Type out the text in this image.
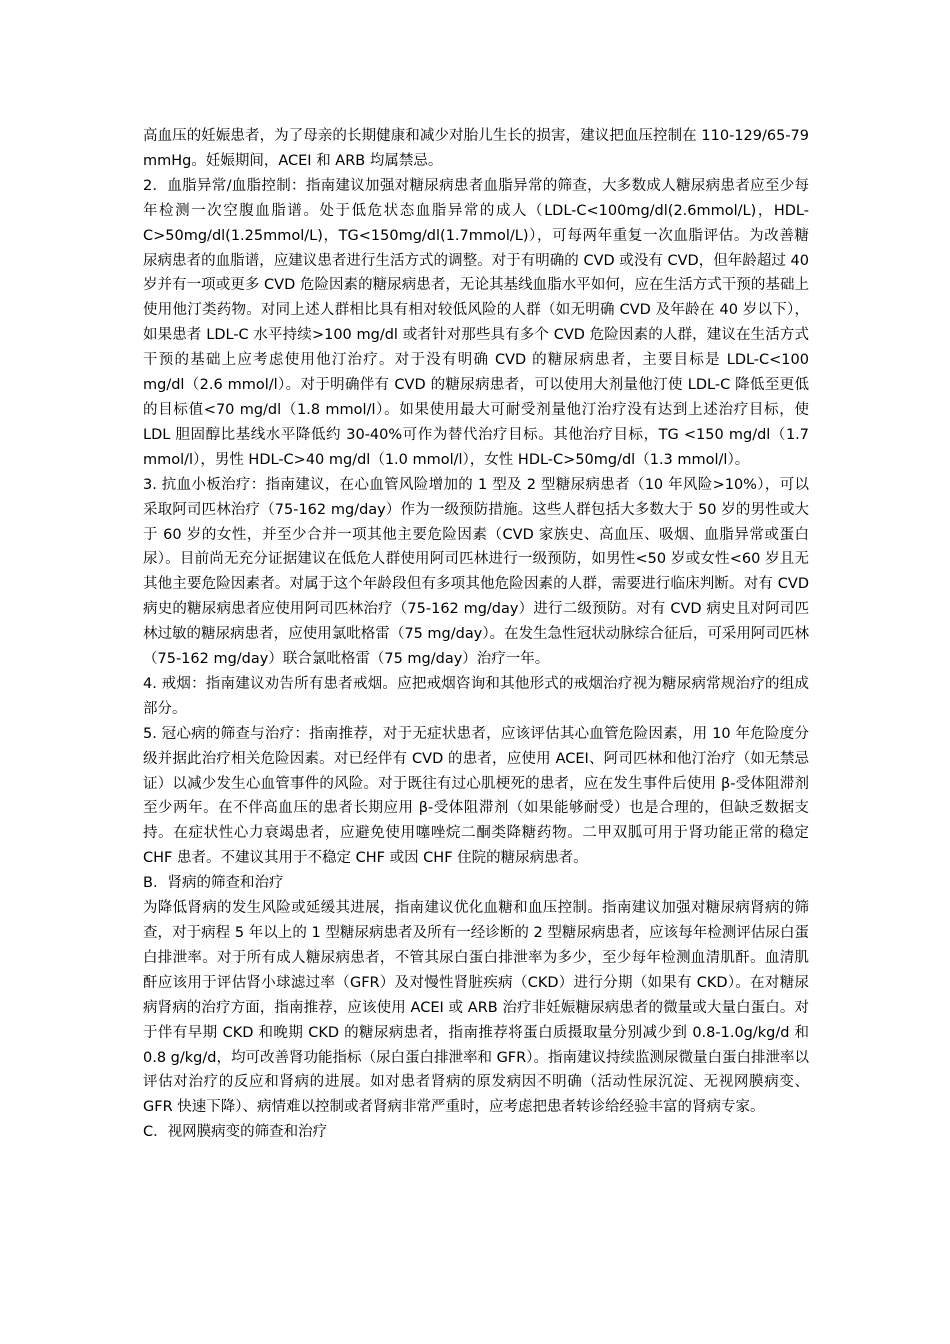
高血压的妊娠患者，为了母亲的长期健康和减少对胎儿生长的损害，建议把血压控制在 110-129/65-79 mmHg。妊娠期间，ACEI 和 ARB 均属禁忌。

2．血脂异常/血脂控制：指南建议加强对糖尿病患者血脂异常的筛查，大多数成人糖尿病患者应至少每年检测一次空腹血脂谱。处于低危状态血脂异常的成人（LDL-C<100mg/dl(2.6mmol/L)，HDL-C>50mg/dl(1.25mmol/L)，TG<150mg/dl(1.7mmol/L)），可每两年重复一次血脂评估。为改善糖尿病患者的血脂谱，应建议患者进行生活方式的调整。对于有明确的 CVD 或没有 CVD，但年龄超过 40 岁并有一项或更多 CVD 危险因素的糖尿病患者，无论其基线血脂水平如何，应在生活方式干预的基础上使用他汀类药物。对同上述人群相比具有相对较低风险的人群（如无明确 CVD 及年龄在 40 岁以下），如果患者 LDL-C 水平持续>100 mg/dl 或者针对那些具有多个 CVD 危险因素的人群，建议在生活方式干预的基础上应考虑使用他汀治疗。对于没有明确 CVD 的糖尿病患者，主要目标是 LDL-C<100 mg/dl（2.6 mmol/l）。对于明确伴有 CVD 的糖尿病患者，可以使用大剂量他汀使 LDL-C 降低至更低的目标值<70 mg/dl（1.8 mmol/l）。如果使用最大可耐受剂量他汀治疗没有达到上述治疗目标，使 LDL 胆固醇比基线水平降低约 30-40%可作为替代治疗目标。其他治疗目标，TG <150 mg/dl（1.7 mmol/l），男性 HDL-C>40 mg/dl（1.0 mmol/l），女性 HDL-C>50mg/dl（1.3 mmol/l）。

3. 抗血小板治疗：指南建议，在心血管风险增加的 1 型及 2 型糖尿病患者（10 年风险>10%），可以采取阿司匹林治疗（75-162 mg/day）作为一级预防措施。这些人群包括大多数大于 50 岁的男性或大于 60 岁的女性，并至少合并一项其他主要危险因素（CVD 家族史、高血压、吸烟、血脂异常或蛋白尿）。目前尚无充分证据建议在低危人群使用阿司匹林进行一级预防，如男性<50 岁或女性<60 岁且无其他主要危险因素者。对属于这个年龄段但有多项其他危险因素的人群，需要进行临床判断。对有 CVD 病史的糖尿病患者应使用阿司匹林治疗（75-162 mg/day）进行二级预防。对有 CVD 病史且对阿司匹林过敏的糖尿病患者，应使用氯吡格雷（75 mg/day）。在发生急性冠状动脉综合征后，可采用阿司匹林（75-162 mg/day）联合氯吡格雷（75 mg/day）治疗一年。

4. 戒烟：指南建议劝告所有患者戒烟。应把戒烟咨询和其他形式的戒烟治疗视为糖尿病常规治疗的组成部分。

5. 冠心病的筛查与治疗：指南推荐，对于无症状患者，应该评估其心血管危险因素，用 10 年危险度分级并据此治疗相关危险因素。对已经伴有 CVD 的患者，应使用 ACEI、阿司匹林和他汀治疗（如无禁忌证）以减少发生心血管事件的风险。对于既往有过心肌梗死的患者，应在发生事件后使用 β-受体阻滞剂至少两年。在不伴高血压的患者长期应用 β-受体阻滞剂（如果能够耐受）也是合理的，但缺乏数据支持。在症状性心力衰竭患者，应避免使用噻唑烷二酮类降糖药物。二甲双胍可用于肾功能正常的稳定 CHF 患者。不建议其用于不稳定 CHF 或因 CHF 住院的糖尿病患者。

B．肾病的筛查和治疗

为降低肾病的发生风险或延缓其进展，指南建议优化血糖和血压控制。指南建议加强对糖尿病肾病的筛查，对于病程 5 年以上的 1 型糖尿病患者及所有一经诊断的 2 型糖尿病患者，应该每年检测评估尿白蛋白排泄率。对于所有成人糖尿病患者，不管其尿白蛋白排泄率为多少，至少每年检测血清肌酐。血清肌酐应该用于评估肾小球滤过率（GFR）及对慢性肾脏疾病（CKD）进行分期（如果有 CKD）。在对糖尿病肾病的治疗方面，指南推荐，应该使用 ACEI 或 ARB 治疗非妊娠糖尿病患者的微量或大量白蛋白。对于伴有早期 CKD 和晚期 CKD 的糖尿病患者，指南推荐将蛋白质摄取量分别减少到 0.8-1.0g/kg/d 和 0.8 g/kg/d，均可改善肾功能指标（尿白蛋白排泄率和 GFR）。指南建议持续监测尿微量白蛋白排泄率以评估对治疗的反应和肾病的进展。如对患者肾病的原发病因不明确（活动性尿沉淀、无视网膜病变、GFR 快速下降）、病情难以控制或者肾病非常严重时，应考虑把患者转诊给经验丰富的肾病专家。

C．视网膜病变的筛查和治疗
